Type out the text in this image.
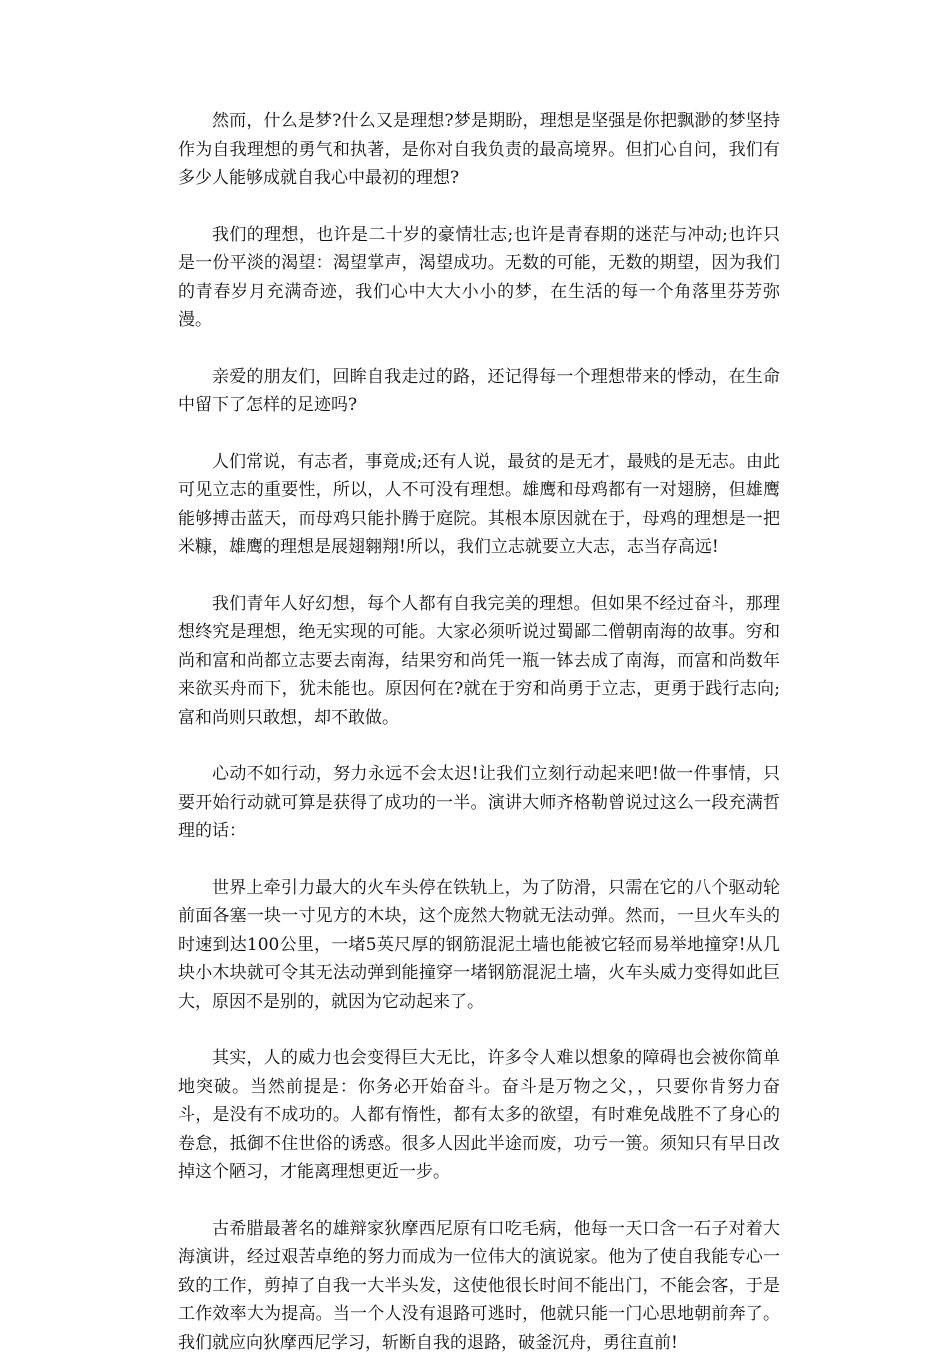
然而，什么是梦?什么又是理想?梦是期盼，理想是坚强是你把飘渺的梦坚持作为自我理想的勇气和执著，是你对自我负责的最高境界。但扪心自问，我们有多少人能够成就自我心中最初的理想?

我们的理想，也许是二十岁的豪情壮志;也许是青春期的迷茫与冲动;也许只是一份平淡的渴望：渴望掌声，渴望成功。无数的可能，无数的期望，因为我们的青春岁月充满奇迹，我们心中大大小小的梦，在生活的每一个角落里芬芳弥漫。

亲爱的朋友们，回眸自我走过的路，还记得每一个理想带来的悸动，在生命中留下了怎样的足迹吗?

人们常说，有志者，事竟成;还有人说，最贫的是无才，最贱的是无志。由此可见立志的重要性，所以，人不可没有理想。雄鹰和母鸡都有一对翅膀，但雄鹰能够搏击蓝天，而母鸡只能扑腾于庭院。其根本原因就在于，母鸡的理想是一把米糠，雄鹰的理想是展翅翱翔!所以，我们立志就要立大志，志当存高远!

我们青年人好幻想，每个人都有自我完美的理想。但如果不经过奋斗，那理想终究是理想，绝无实现的可能。大家必须听说过蜀鄙二僧朝南海的故事。穷和尚和富和尚都立志要去南海，结果穷和尚凭一瓶一钵去成了南海，而富和尚数年来欲买舟而下，犹未能也。原因何在?就在于穷和尚勇于立志，更勇于践行志向;富和尚则只敢想，却不敢做。

心动不如行动，努力永远不会太迟!让我们立刻行动起来吧!做一件事情，只要开始行动就可算是获得了成功的一半。演讲大师齐格勒曾说过这么一段充满哲理的话：

世界上牵引力最大的火车头停在铁轨上，为了防滑，只需在它的八个驱动轮前面各塞一块一寸见方的木块，这个庞然大物就无法动弹。然而，一旦火车头的时速到达100公里，一堵5英尺厚的钢筋混泥土墙也能被它轻而易举地撞穿!从几块小木块就可令其无法动弹到能撞穿一堵钢筋混泥土墙，火车头威力变得如此巨大，原因不是别的，就因为它动起来了。

其实，人的威力也会变得巨大无比，许多令人难以想象的障碍也会被你简单地突破。当然前提是：你务必开始奋斗。奋斗是万物之父，，只要你肯努力奋斗，是没有不成功的。人都有惰性，都有太多的欲望，有时难免战胜不了身心的卷怠，抵御不住世俗的诱惑。很多人因此半途而废，功亏一篑。须知只有早日改掉这个陋习，才能离理想更近一步。

古希腊最著名的雄辩家狄摩西尼原有口吃毛病，他每一天口含一石子对着大海演讲，经过艰苦卓绝的努力而成为一位伟大的演说家。他为了使自我能专心一致的工作，剪掉了自我一大半头发，这使他很长时间不能出门，不能会客，于是工作效率大为提高。当一个人没有退路可逃时，他就只能一门心思地朝前奔了。我们就应向狄摩西尼学习，斩断自我的退路，破釜沉舟，勇往直前!
